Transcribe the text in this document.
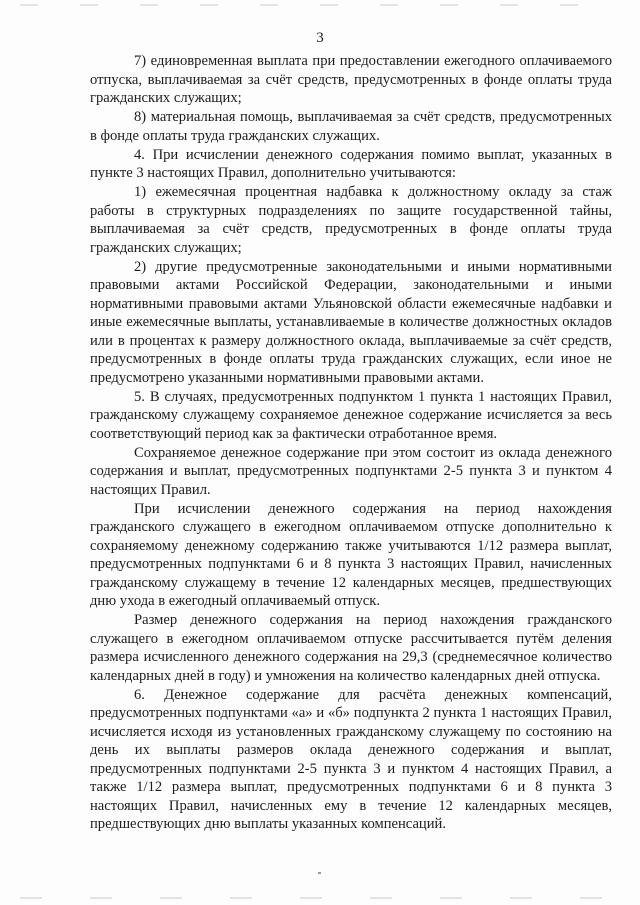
3

7) единовременная выплата при предоставлении ежегодного оплачиваемого отпуска, выплачиваемая за счёт средств, предусмотренных в фонде оплаты труда гражданских служащих;

8) материальная помощь, выплачиваемая за счёт средств, предусмотренных в фонде оплаты труда гражданских служащих.

4. При исчислении денежного содержания помимо выплат, указанных в пункте 3 настоящих Правил, дополнительно учитываются:

1) ежемесячная процентная надбавка к должностному окладу за стаж работы в структурных подразделениях по защите государственной тайны, выплачиваемая за счёт средств, предусмотренных в фонде оплаты труда гражданских служащих;

2) другие предусмотренные законодательными и иными нормативными правовыми актами Российской Федерации, законодательными и иными нормативными правовыми актами Ульяновской области ежемесячные надбавки и иные ежемесячные выплаты, устанавливаемые в количестве должностных окладов или в процентах к размеру должностного оклада, выплачиваемые за счёт средств, предусмотренных в фонде оплаты труда гражданских служащих, если иное не предусмотрено указанными нормативными правовыми актами.

5. В случаях, предусмотренных подпунктом 1 пункта 1 настоящих Правил, гражданскому служащему сохраняемое денежное содержание исчисляется за весь соответствующий период как за фактически отработанное время.

Сохраняемое денежное содержание при этом состоит из оклада денежного содержания и выплат, предусмотренных подпунктами 2-5 пункта 3 и пунктом 4 настоящих Правил.

При исчислении денежного содержания на период нахождения гражданского служащего в ежегодном оплачиваемом отпуске дополнительно к сохраняемому денежному содержанию также учитываются 1/12 размера выплат, предусмотренных подпунктами 6 и 8 пункта 3 настоящих Правил, начисленных гражданскому служащему в течение 12 календарных месяцев, предшествующих дню ухода в ежегодный оплачиваемый отпуск.

Размер денежного содержания на период нахождения гражданского служащего в ежегодном оплачиваемом отпуске рассчитывается путём деления размера исчисленного денежного содержания на 29,3 (среднемесячное количество календарных дней в году) и умножения на количество календарных дней отпуска.

6. Денежное содержание для расчёта денежных компенсаций, предусмотренных подпунктами «а» и «б» подпункта 2 пункта 1 настоящих Правил, исчисляется исходя из установленных гражданскому служащему по состоянию на день их выплаты размеров оклада денежного содержания и выплат, предусмотренных подпунктами 2-5 пункта 3 и пунктом 4 настоящих Правил, а также 1/12 размера выплат, предусмотренных подпунктами 6 и 8 пункта 3 настоящих Правил, начисленных ему в течение 12 календарных месяцев, предшествующих дню выплаты указанных компенсаций.
